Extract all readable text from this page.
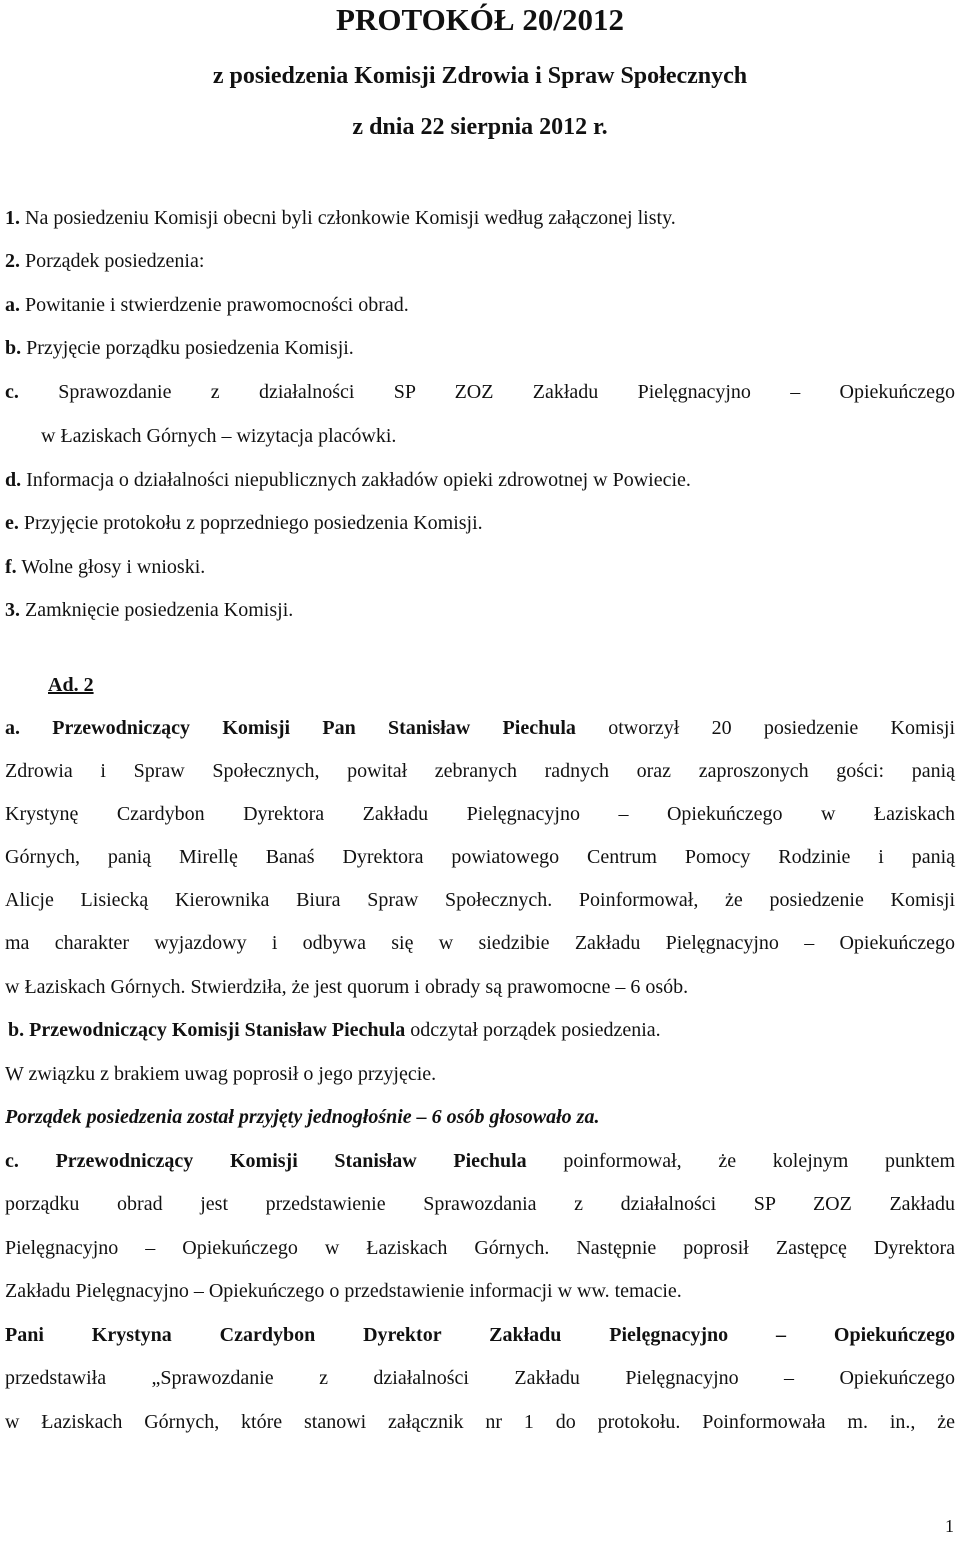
PROTOKÓŁ 20/2012
z posiedzenia Komisji Zdrowia i Spraw Społecznych
z dnia 22 sierpnia 2012 r.
1. Na posiedzeniu Komisji obecni byli członkowie Komisji według załączonej listy.
2. Porządek posiedzenia:
a. Powitanie i stwierdzenie prawomocności obrad.
b. Przyjęcie porządku posiedzenia Komisji.
c. Sprawozdanie z działalności SP ZOZ Zakładu Pielęgnacyjno – Opiekuńczego
w Łaziskach Górnych – wizytacja placówki.
d. Informacja o działalności niepublicznych zakładów opieki zdrowotnej w Powiecie.
e. Przyjęcie protokołu z poprzedniego posiedzenia Komisji.
f. Wolne głosy i wnioski.
3. Zamknięcie posiedzenia Komisji.
Ad. 2
a. Przewodniczący Komisji Pan Stanisław Piechula otworzył 20 posiedzenie Komisji
Zdrowia i Spraw Społecznych, powitał zebranych radnych oraz zaproszonych gości: panią
Krystynę Czardybon Dyrektora Zakładu Pielęgnacyjno – Opiekuńczego w Łaziskach
Górnych, panią Mirellę Banaś Dyrektora powiatowego Centrum Pomocy Rodzinie i panią
Alicje Lisiecką Kierownika Biura Spraw Społecznych. Poinformował, że posiedzenie Komisji
ma charakter wyjazdowy i odbywa się w siedzibie Zakładu Pielęgnacyjno – Opiekuńczego
w Łaziskach Górnych. Stwierdziła, że jest quorum i obrady są prawomocne – 6 osób.
b. Przewodniczący Komisji Stanisław Piechula odczytał porządek posiedzenia.
W związku z brakiem uwag poprosił o jego przyjęcie.
Porządek posiedzenia został przyjęty jednogłośnie – 6 osób głosowało za.
c. Przewodniczący Komisji Stanisław Piechula poinformował, że kolejnym punktem
porządku obrad jest przedstawienie Sprawozdania z działalności SP ZOZ Zakładu
Pielęgnacyjno – Opiekuńczego w Łaziskach Górnych. Następnie poprosił Zastępcę Dyrektora
Zakładu Pielęgnacyjno – Opiekuńczego o przedstawienie informacji w ww. temacie.
Pani Krystyna Czardybon Dyrektor Zakładu Pielęgnacyjno – Opiekuńczego
przedstawiła „Sprawozdanie z działalności Zakładu Pielęgnacyjno – Opiekuńczego
w Łaziskach Górnych, które stanowi załącznik nr 1 do protokołu. Poinformowała m. in., że
1
